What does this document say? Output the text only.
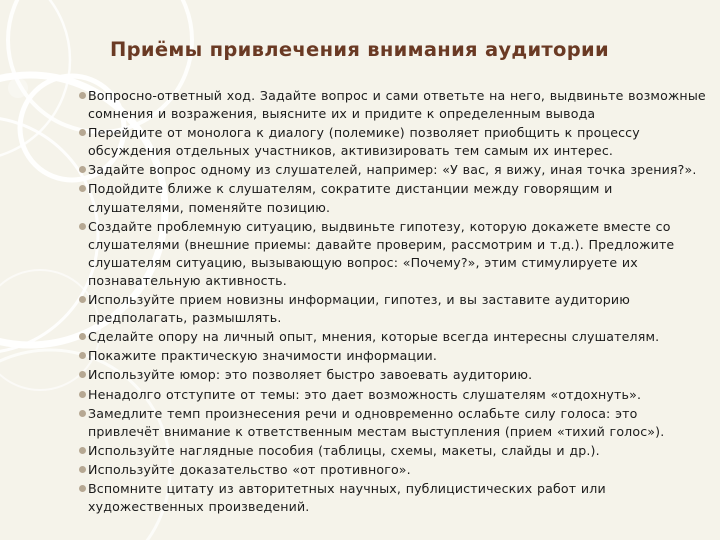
Приёмы привлечения внимания аудитории
Вопросно-ответный ход. Задайте вопрос и сами ответьте на него, выдвиньте возможные сомнения и возражения, выясните их и придите к определенным вывода
Перейдите от монолога к диалогу (полемике) позволяет приобщить к процессу обсуждения отдельных участников, активизировать тем самым их интерес.
Задайте вопрос одному из слушателей, например: «У вас, я вижу, иная точка зрения?».
Подойдите ближе к слушателям, сократите дистанции между говорящим и слушателями, поменяйте позицию.
Создайте проблемную ситуацию, выдвиньте гипотезу, которую докажете вместе со слушателями (внешние приемы: давайте проверим, рассмотрим и т.д.). Предложите слушателям ситуацию, вызывающую вопрос: «Почему?», этим стимулируете их познавательную активность.
Используйте прием новизны информации, гипотез, и вы заставите аудиторию предполагать, размышлять.
Сделайте опору на личный опыт, мнения, которые всегда интересны слушателям.
Покажите практическую значимости информации.
Используйте юмор: это позволяет быстро завоевать аудиторию.
Ненадолго отступите от темы: это дает возможность слушателям «отдохнуть».
Замедлите темп произнесения речи и одновременно ослабьте силу голоса: это привлечёт внимание к ответственным местам выступления (прием «тихий голос»).
Используйте наглядные пособия (таблицы, схемы, макеты, слайды и др.).
Используйте доказательство «от противного».
Вспомните цитату из авторитетных научных, публицистических работ или художественных произведений.
